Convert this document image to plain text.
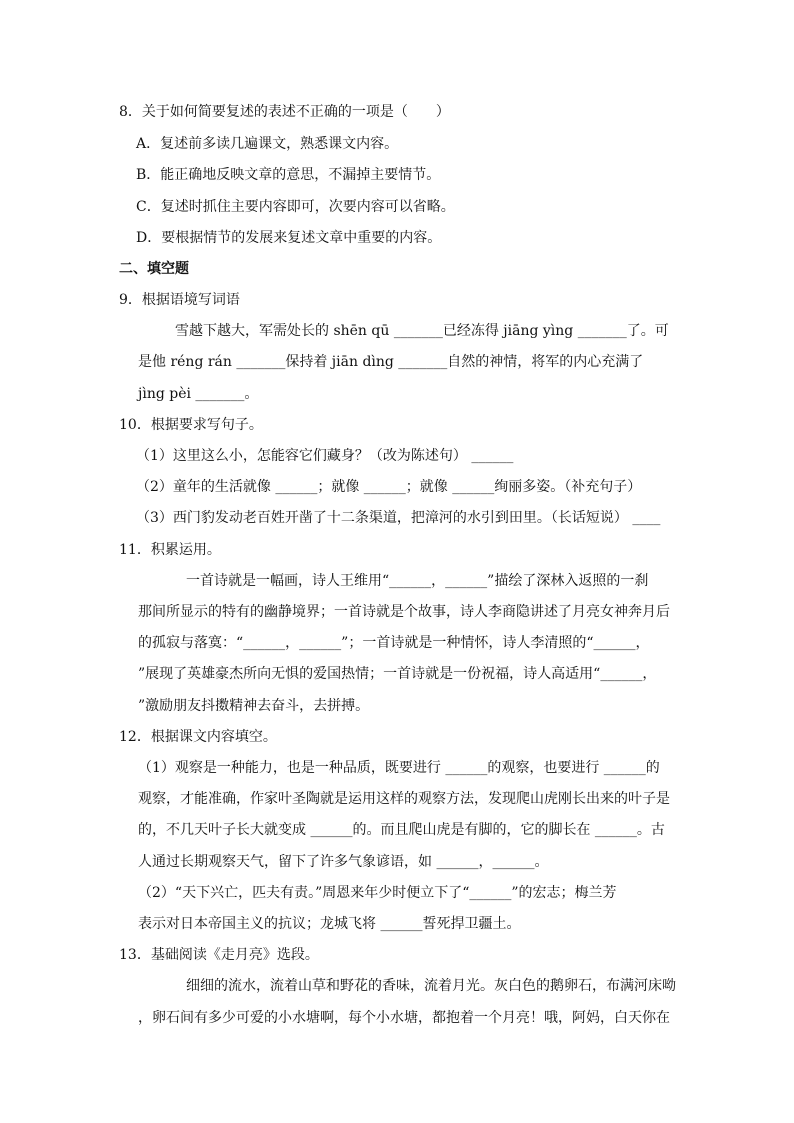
8．关于如何简要复述的表述不正确的一项是（　　）
A．复述前多读几遍课文，熟悉课文内容。
B．能正确地反映文章的意思，不漏掉主要情节。
C．复述时抓住主要内容即可，次要内容可以省略。
D．要根据情节的发展来复述文章中重要的内容。
二、填空题
9．根据语境写词语
雪越下越大，军需处长的 shēn qū _______已经冻得 jiāng yìng _______了。可
是他 réng rán _______保持着 jiān dìng _______自然的神情，将军的内心充满了
jìng pèi _______。
10．根据要求写句子。
（1）这里这么小，怎能容它们藏身？（改为陈述句） ______
（2）童年的生活就像 ______；就像 ______；就像 ______绚丽多姿。（补充句子）
（3）西门豹发动老百姓开凿了十二条渠道，把漳河的水引到田里。（长话短说） ____
11．积累运用。
一首诗就是一幅画，诗人王维用“______，______”描绘了深林入返照的一刹
那间所显示的特有的幽静境界；一首诗就是个故事，诗人李商隐讲述了月亮女神奔月后
的孤寂与落寞：“______，______”；一首诗就是一种情怀，诗人李清照的“______，
”展现了英雄豪杰所向无惧的爱国热情；一首诗就是一份祝福，诗人高适用“______，
”激励朋友抖擞精神去奋斗，去拼搏。
12．根据课文内容填空。
（1）观察是一种能力，也是一种品质，既要进行 ______的观察，也要进行 ______的
观察，才能准确，作家叶圣陶就是运用这样的观察方法，发现爬山虎刚长出来的叶子是
的，不几天叶子长大就变成 ______的。而且爬山虎是有脚的，它的脚长在 ______。古
人通过长期观察天气，留下了许多气象谚语，如 ______，______。
（2）“天下兴亡，匹夫有责。”周恩来年少时便立下了“______”的宏志；梅兰芳
表示对日本帝国主义的抗议；龙城飞将 ______誓死捍卫疆土。
13．基础阅读《走月亮》选段。
细细的流水，流着山草和野花的香味，流着月光。灰白色的鹅卵石，布满河床呦
，卵石间有多少可爱的小水塘啊，每个小水塘，都抱着一个月亮！哦，阿妈，白天你在
